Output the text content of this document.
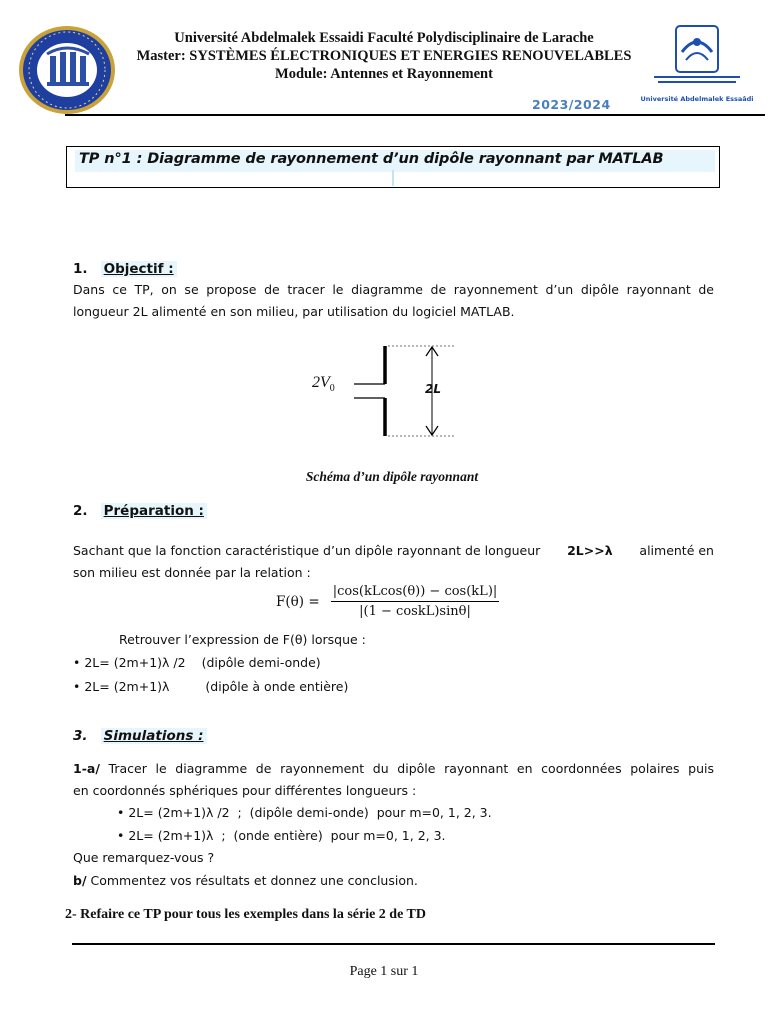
Université Abdelmalek Essaidi Faculté Polydisciplinaire de Larache
Master: SYSTÈMES ÉLECTRONIQUES ET ENERGIES RENOUVELABLES
Module: Antennes et Rayonnement
Université Abdelmalek Essaâdi
2023/2024
TP n°1 : Diagramme de rayonnement d’un dipôle rayonnant par MATLAB
1. Objectif :
Dans ce TP, on se propose de tracer le diagramme de rayonnement d’un dipôle rayonnant de
longueur 2L alimenté en son milieu, par utilisation du logiciel MATLAB.
$2V_0$	2L
Schéma d’un dipôle rayonnant
2. Préparation :
Sachant que la fonction caractéristique d’un dipôle rayonnant de longueur 2L>>λ alimenté en
son milieu est donnée par la relation :
$F(\theta) = \frac{|\cos(kLcos(\theta)) - \cos(kL)|}{\text{|(1 − coskL)sinθ|}}$
Retrouver l’expression de F(θ) lorsque :
• 2L= (2m+1)λ /2 (dipôle demi-onde)
• 2L= (2m+1)λ	(dipôle à onde entière)
3. Simulations :
1-a/ Tracer le diagramme de rayonnement du dipôle rayonnant en coordonnées polaires puis
en coordonnés sphériques pour différentes longueurs :
• 2L= (2m+1)λ /2  ;  (dipôle demi-onde)  pour m=0, 1, 2, 3.
• 2L= (2m+1)λ  ;  (onde entière)  pour m=0, 1, 2, 3.
Que remarquez-vous ?
b/ Commentez vos résultats et donnez une conclusion.
2- Refaire ce TP pour tous les exemples dans la série 2 de TD
Page 1 sur 1
